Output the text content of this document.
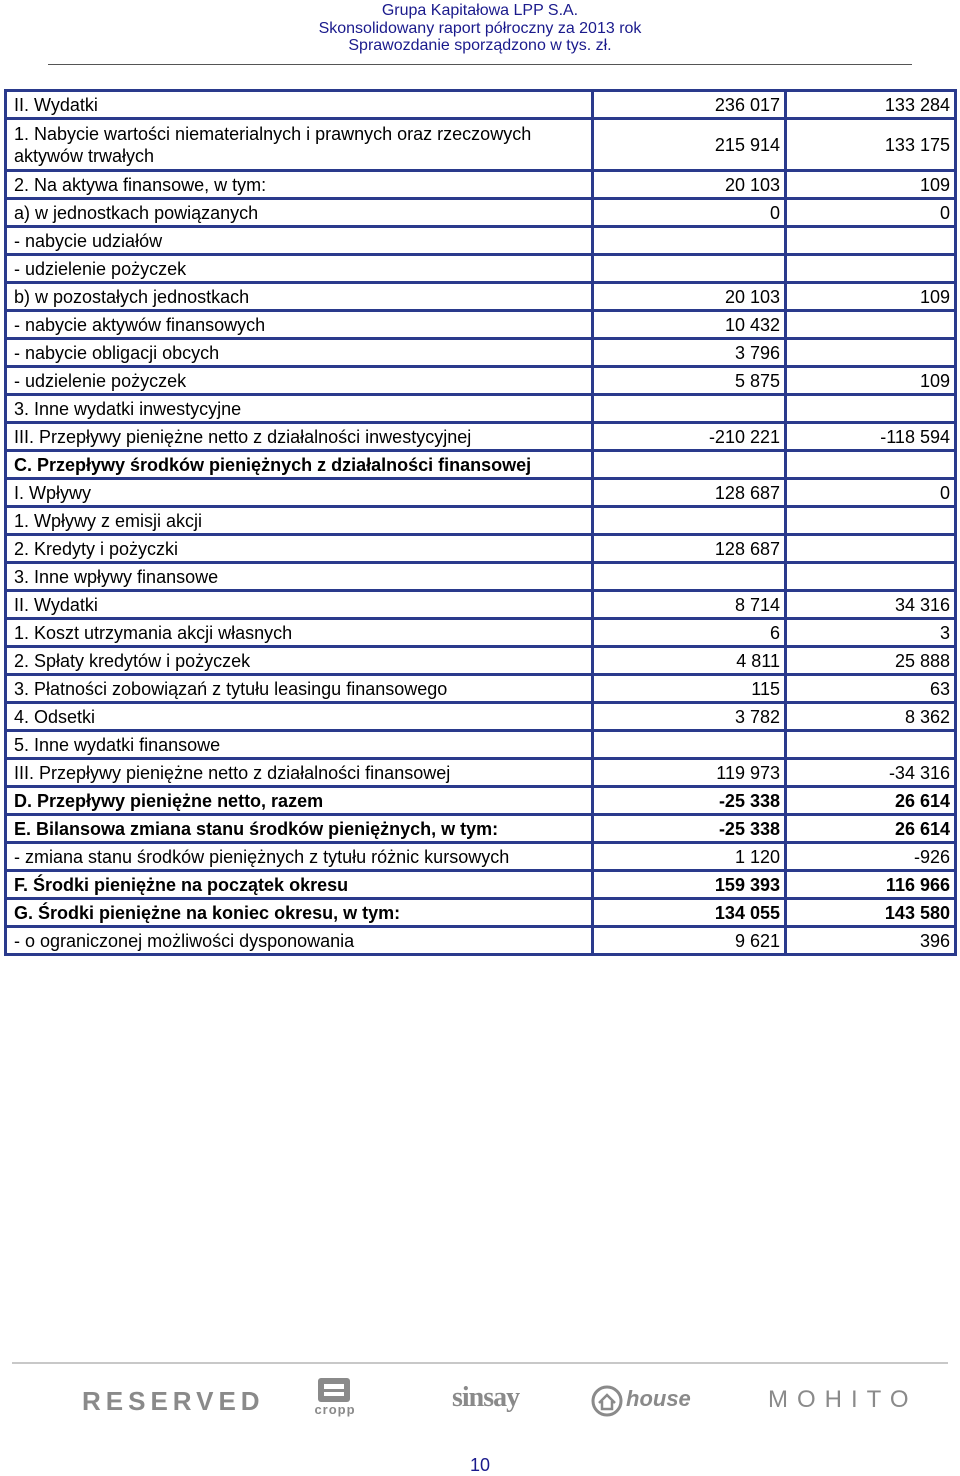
Grupa Kapitałowa LPP S.A.
Skonsolidowany raport półroczny za 2013 rok
Sprawozdanie sporządzono w tys. zł.
II. Wydatki	236 017	133 284
1. Nabycie wartości niematerialnych i prawnych oraz rzeczowych aktywów trwałych	215 914	133 175
2. Na aktywa finansowe, w tym:	20 103	109
a) w jednostkach powiązanych	0	0
- nabycie udziałów		
- udzielenie pożyczek		
b) w pozostałych jednostkach	20 103	109
- nabycie aktywów finansowych	10 432	
- nabycie obligacji obcych	3 796	
- udzielenie pożyczek	5 875	109
3. Inne wydatki inwestycyjne		
III. Przepływy pieniężne netto z działalności inwestycyjnej	-210 221	-118 594
C. Przepływy środków pieniężnych z działalności finansowej		
I. Wpływy	128 687	0
1. Wpływy z emisji akcji		
2. Kredyty i pożyczki	128 687	
3. Inne wpływy finansowe		
II. Wydatki	8 714	34 316
1. Koszt utrzymania akcji własnych	6	3
2. Spłaty kredytów i pożyczek	4 811	25 888
3. Płatności zobowiązań z tytułu leasingu finansowego	115	63
4. Odsetki	3 782	8 362
5. Inne wydatki finansowe		
III. Przepływy pieniężne netto z działalności finansowej	119 973	-34 316
D. Przepływy pieniężne netto, razem	-25 338	26 614
E. Bilansowa zmiana stanu środków pieniężnych, w tym:	-25 338	26 614
- zmiana stanu środków pieniężnych z tytułu różnic kursowych	1 120	-926
F. Środki pieniężne na początek okresu	159 393	116 966
G. Środki pieniężne na koniec okresu, w tym:	134 055	143 580
- o ograniczonej możliwości dysponowania	9 621	396
RESERVED	cropp	sinsay	house	MOHITO
10
